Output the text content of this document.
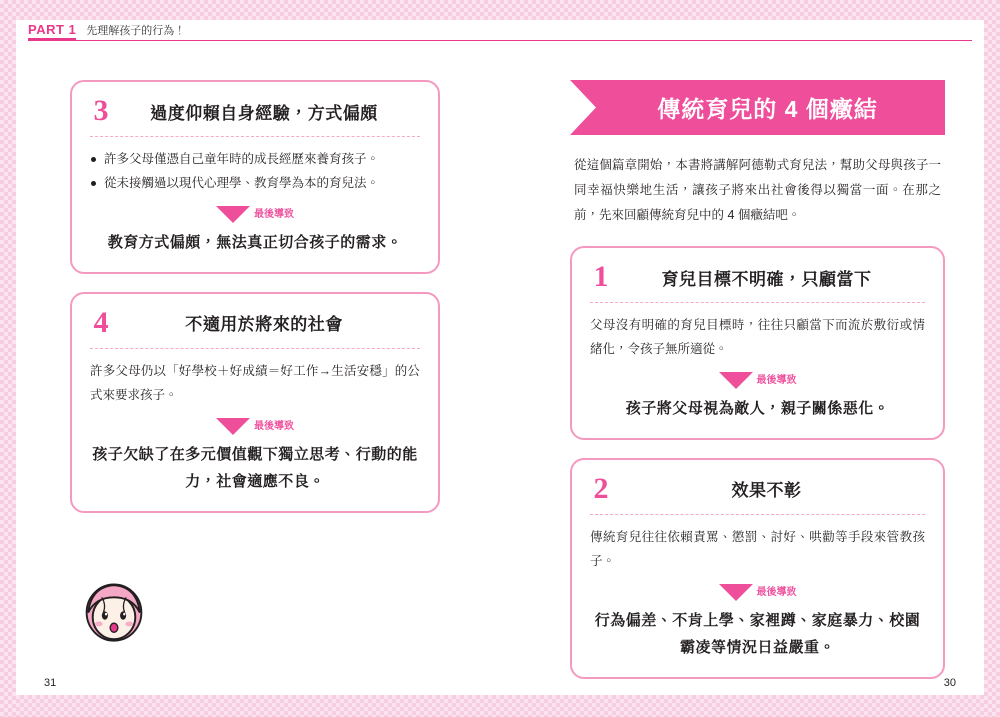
PART 1 先理解孩子的行為！
3	過度仰賴自身經驗，方式偏頗
許多父母僅憑自己童年時的成長經歷來養育孩子。
從未接觸過以現代心理學、教育學為本的育兒法。
最後導致
教育方式偏頗，無法真正切合孩子的需求。
4	不適用於將來的社會
許多父母仍以「好學校＋好成績＝好工作→生活安穩」的公式來要求孩子。
最後導致
孩子欠缺了在多元價值觀下獨立思考、行動的能力，社會適應不良。
傳統育兒的 4 個癥結
從這個篇章開始，本書將講解阿德勒式育兒法，幫助父母與孩子一同幸福快樂地生活，讓孩子將來出社會後得以獨當一面。在那之前，先來回顧傳統育兒中的 4 個癥結吧。
1	育兒目標不明確，只顧當下
父母沒有明確的育兒目標時，往往只顧當下而流於敷衍或情緒化，令孩子無所適從。
最後導致
孩子將父母視為敵人，親子關係惡化。
2	效果不彰
傳統育兒往往依賴責罵、懲罰、討好、哄勸等手段來管教孩子。
最後導致
行為偏差、不肯上學、家裡蹲、家庭暴力、校園霸凌等情況日益嚴重。
31	30
